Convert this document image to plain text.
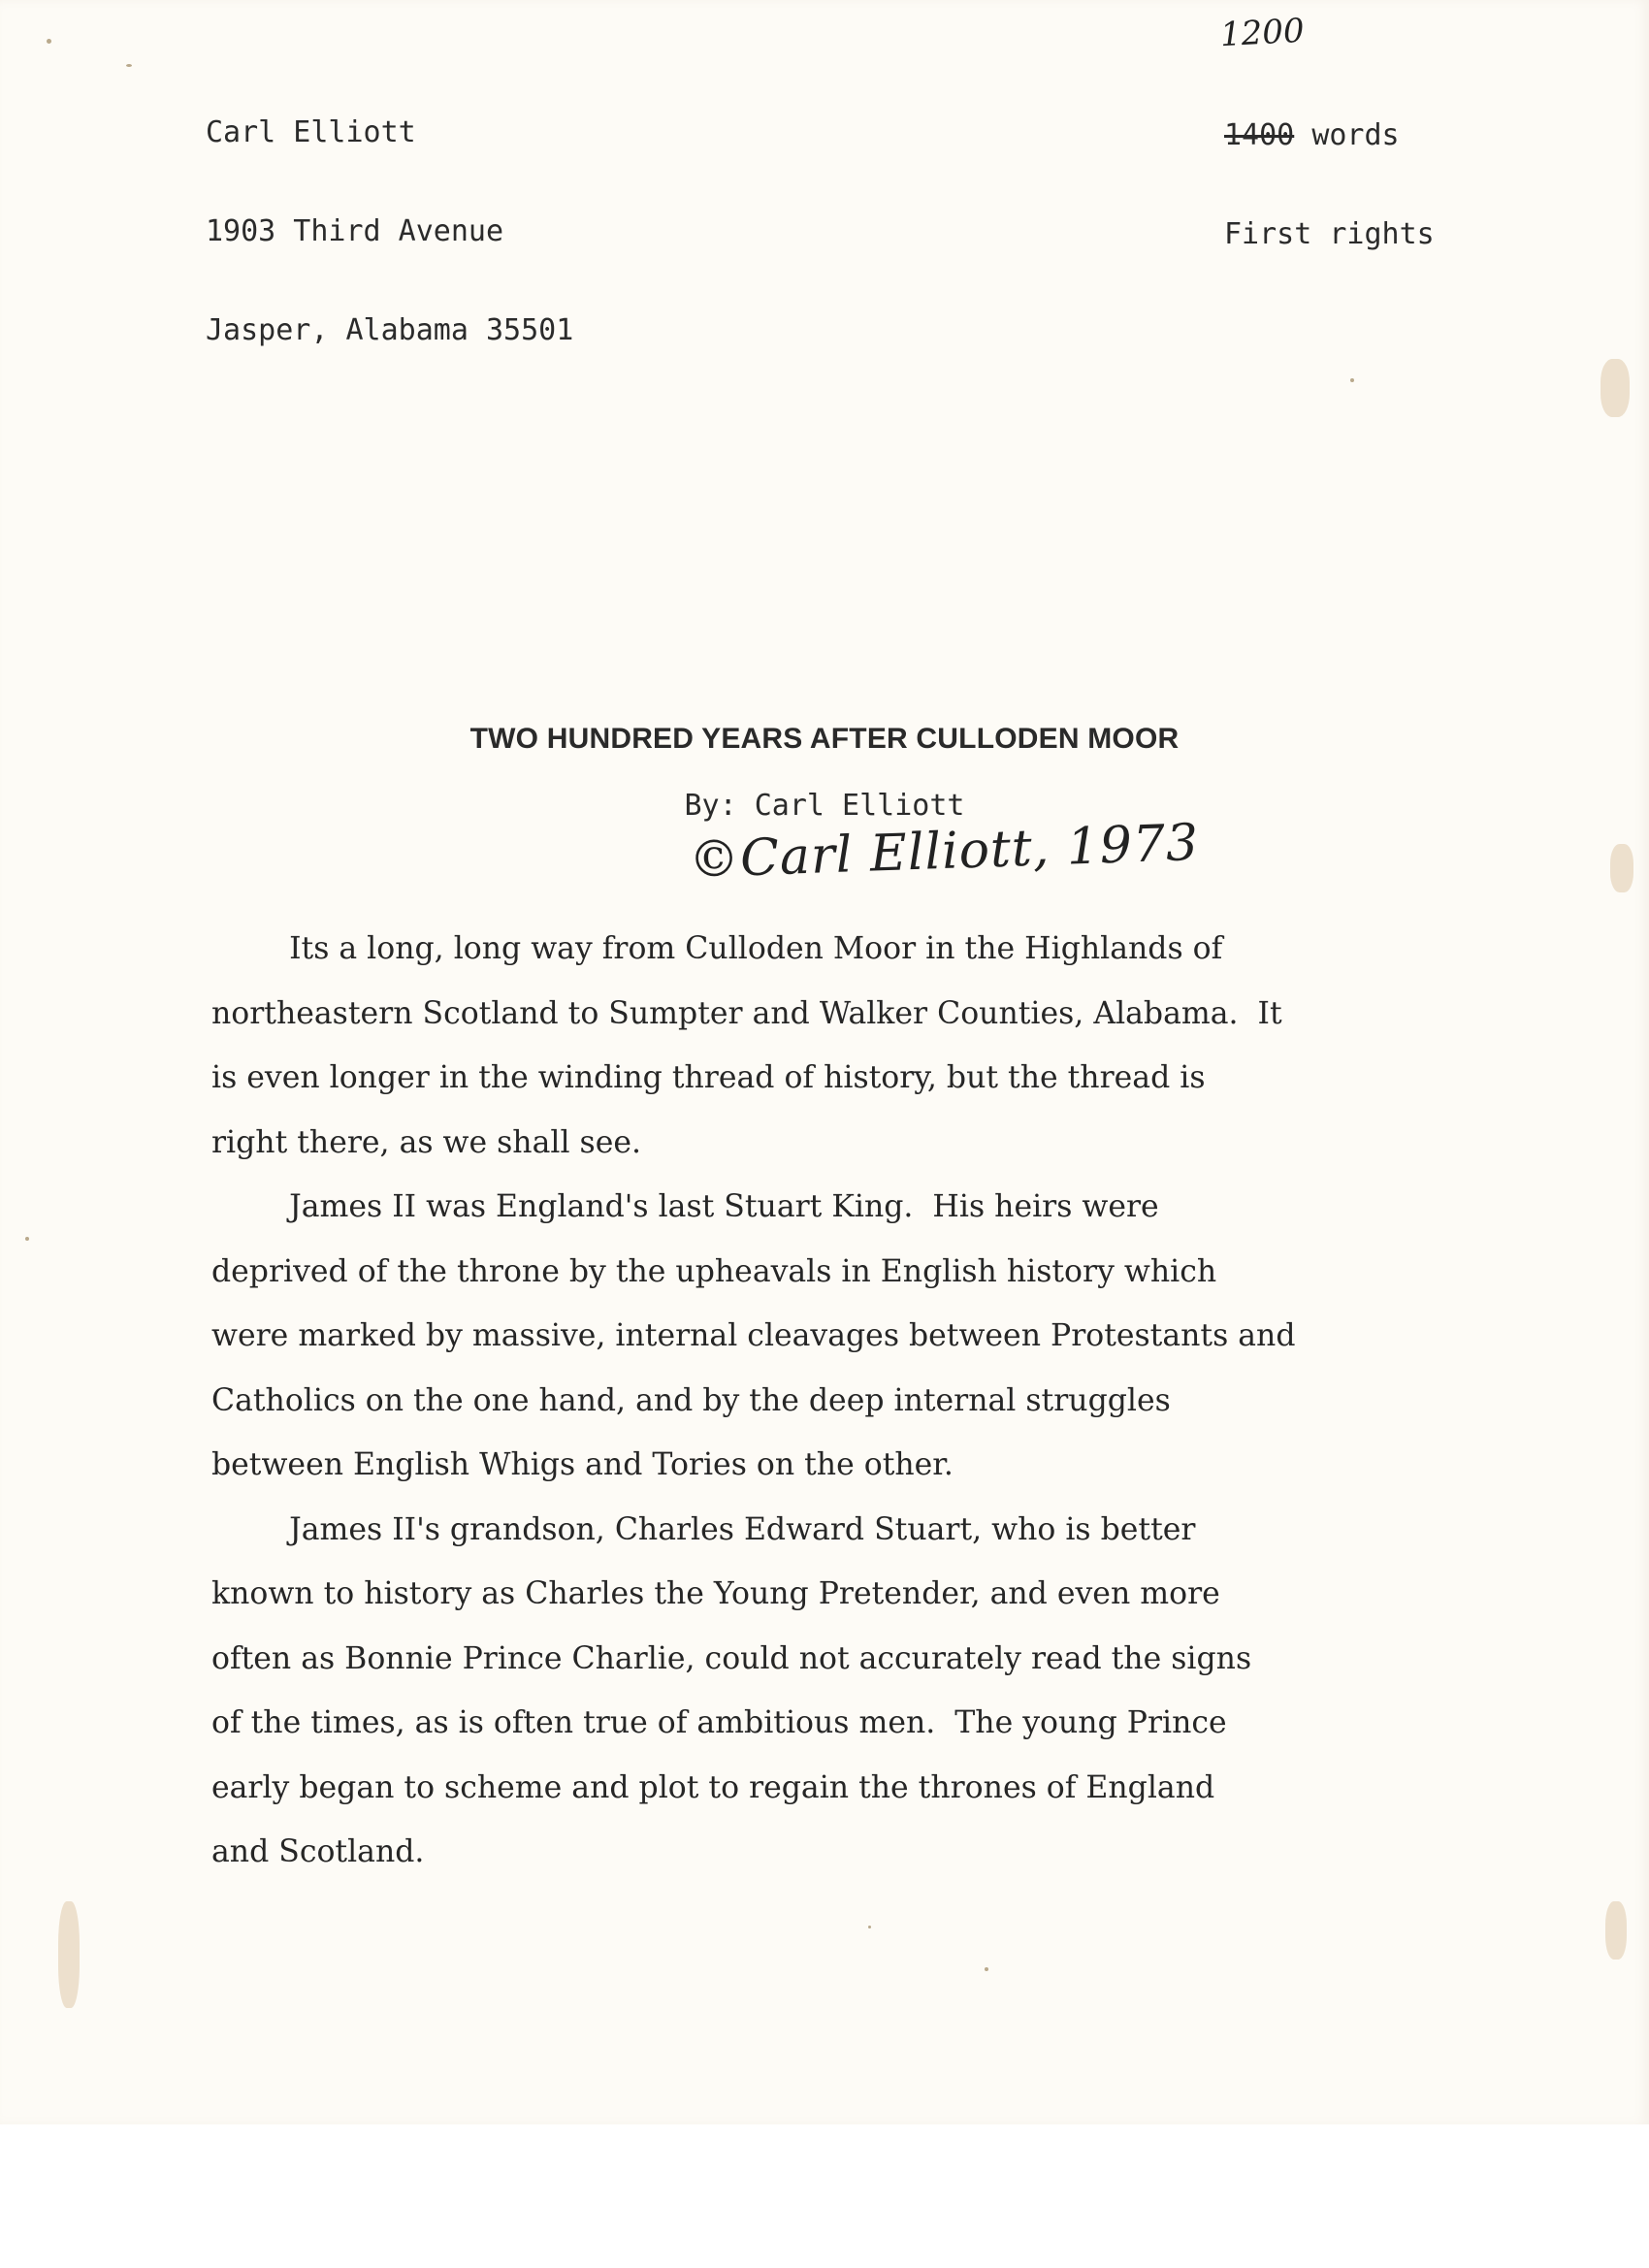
Carl Elliott

1903 Third Avenue

Jasper, Alabama 35501

1200

1400 words

First rights

TWO HUNDRED YEARS AFTER CULLODEN MOOR
By: Carl Elliott
©Carl Elliott, 1973
Its a long, long way from Culloden Moor in the Highlands of
northeastern Scotland to Sumpter and Walker Counties, Alabama.  It
is even longer in the winding thread of history, but the thread is
right there, as we shall see.
James II was England's last Stuart King.  His heirs were
deprived of the throne by the upheavals in English history which
were marked by massive, internal cleavages between Protestants and
Catholics on the one hand, and by the deep internal struggles
between English Whigs and Tories on the other.
James II's grandson, Charles Edward Stuart, who is better
known to history as Charles the Young Pretender, and even more
often as Bonnie Prince Charlie, could not accurately read the signs
of the times, as is often true of ambitious men.  The young Prince
early began to scheme and plot to regain the thrones of England
and Scotland.
